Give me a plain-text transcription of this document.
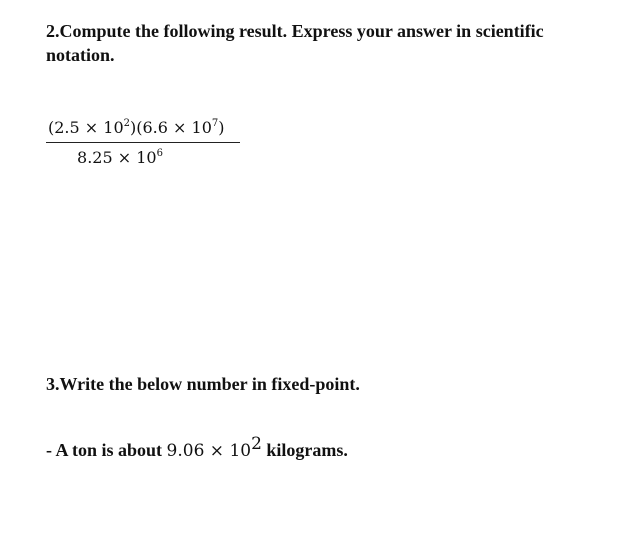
2.Compute the following result. Express your answer in scientific
notation.
$(2.5 \times 10^2)(6.6 \times 10^7)$
$8.25 \times 10^6$
3.Write the below number in fixed-point.
- A ton is about $9.06 \times 10^2$ kilograms.
